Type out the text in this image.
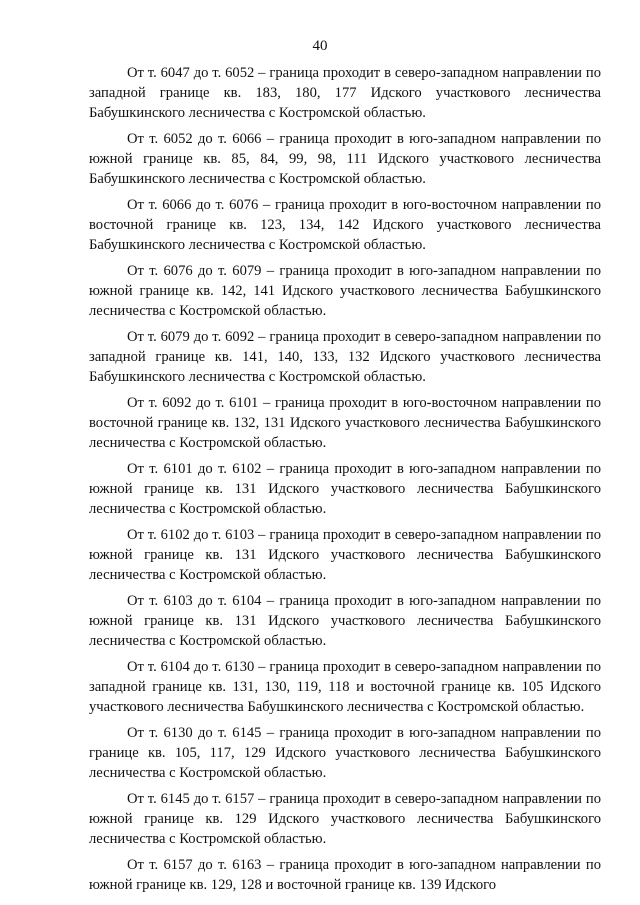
40

От т. 6047 до т. 6052 – граница проходит в северо-западном направлении по западной границе кв. 183, 180, 177 Идского участкового лесничества Бабушкинского лесничества с Костромской областью.

От т. 6052 до т. 6066 – граница проходит в юго-западном направлении по южной границе кв. 85, 84, 99, 98, 111 Идского участкового лесничества Бабушкинского лесничества с Костромской областью.

От т. 6066 до т. 6076 – граница проходит в юго-восточном направлении по восточной границе кв. 123, 134, 142 Идского участкового лесничества Бабушкинского лесничества с Костромской областью.

От т. 6076 до т. 6079 – граница проходит в юго-западном направлении по южной границе кв. 142, 141 Идского участкового лесничества Бабушкинского лесничества с Костромской областью.

От т. 6079 до т. 6092 – граница проходит в северо-западном направлении по западной границе кв. 141, 140, 133, 132 Идского участкового лесничества Бабушкинского лесничества с Костромской областью.

От т. 6092 до т. 6101 – граница проходит в юго-восточном направлении по восточной границе кв. 132, 131 Идского участкового лесничества Бабушкинского лесничества с Костромской областью.

От т. 6101 до т. 6102 – граница проходит в юго-западном направлении по южной границе кв. 131 Идского участкового лесничества Бабушкинского лесничества с Костромской областью.

От т. 6102 до т. 6103 – граница проходит в северо-западном направлении по южной границе кв. 131 Идского участкового лесничества Бабушкинского лесничества с Костромской областью.

От т. 6103 до т. 6104 – граница проходит в юго-западном направлении по южной границе кв. 131 Идского участкового лесничества Бабушкинского лесничества с Костромской областью.

От т. 6104 до т. 6130 – граница проходит в северо-западном направлении по западной границе кв. 131, 130, 119, 118 и восточной границе кв. 105 Идского участкового лесничества Бабушкинского лесничества с Костромской областью.

От т. 6130 до т. 6145 – граница проходит в юго-западном направлении по границе кв. 105, 117, 129 Идского участкового лесничества Бабушкинского лесничества с Костромской областью.

От т. 6145 до т. 6157 – граница проходит в северо-западном направлении по южной границе кв. 129 Идского участкового лесничества Бабушкинского лесничества с Костромской областью.

От т. 6157 до т. 6163 – граница проходит в юго-западном направлении по южной границе кв. 129, 128 и восточной границе кв. 139 Идского
